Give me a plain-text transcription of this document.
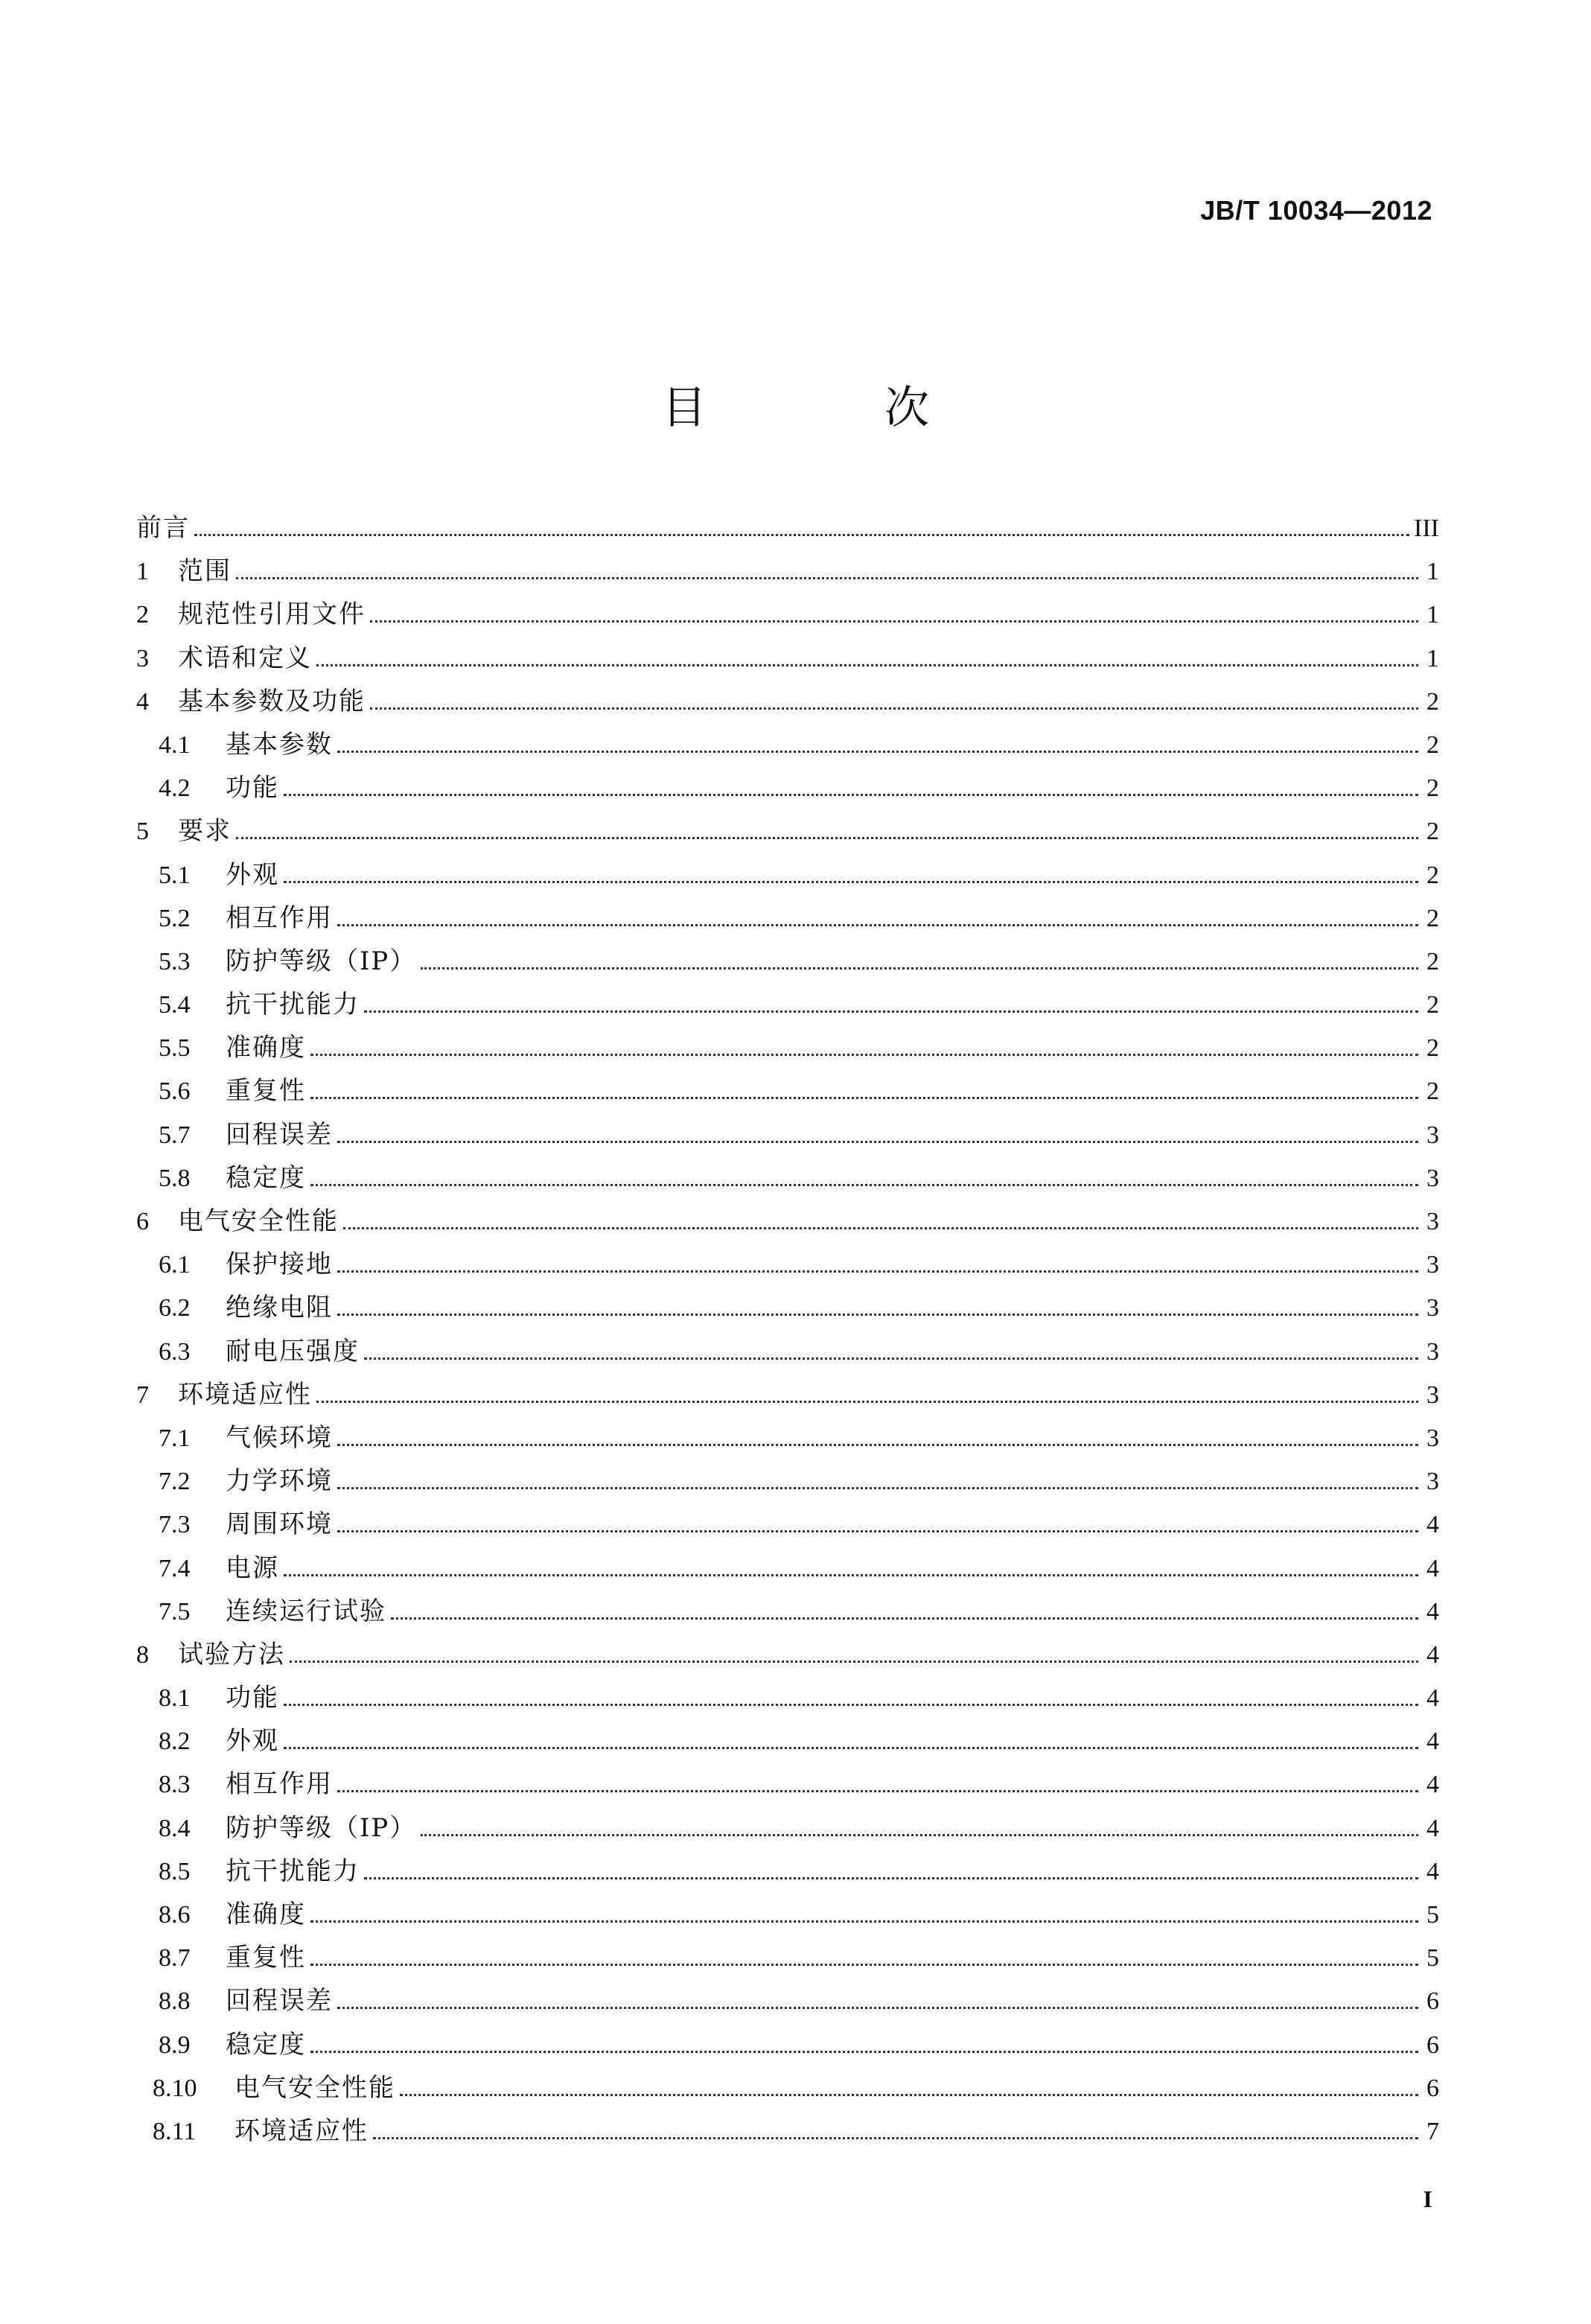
JB/T 10034—2012
目 次
前言	III
1	范围	1
2	规范性引用文件	1
3	术语和定义	1
4	基本参数及功能	2
4.1	基本参数	2
4.2	功能	2
5	要求	2
5.1	外观	2
5.2	相互作用	2
5.3	防护等级（IP）	2
5.4	抗干扰能力	2
5.5	准确度	2
5.6	重复性	2
5.7	回程误差	3
5.8	稳定度	3
6	电气安全性能	3
6.1	保护接地	3
6.2	绝缘电阻	3
6.3	耐电压强度	3
7	环境适应性	3
7.1	气候环境	3
7.2	力学环境	3
7.3	周围环境	4
7.4	电源	4
7.5	连续运行试验	4
8	试验方法	4
8.1	功能	4
8.2	外观	4
8.3	相互作用	4
8.4	防护等级（IP）	4
8.5	抗干扰能力	4
8.6	准确度	5
8.7	重复性	5
8.8	回程误差	6
8.9	稳定度	6
8.10	电气安全性能	6
8.11	环境适应性	7
I
